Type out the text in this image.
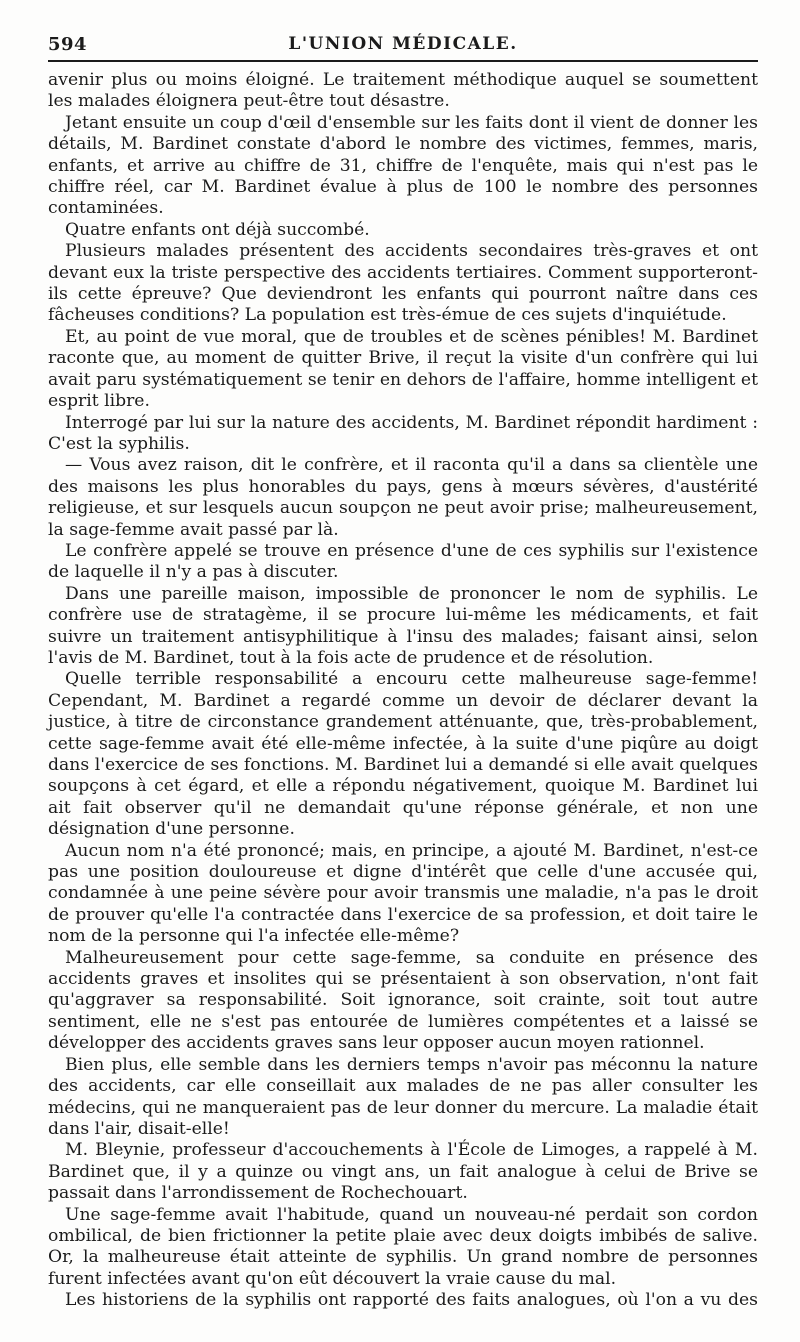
594	L'UNION MÉDICALE.

avenir plus ou moins éloigné. Le traitement méthodique auquel se soumettent les malades éloignera peut-être tout désastre.

Jetant ensuite un coup d'œil d'ensemble sur les faits dont il vient de donner les détails, M. Bardinet constate d'abord le nombre des victimes, femmes, maris, enfants, et arrive au chiffre de 31, chiffre de l'enquête, mais qui n'est pas le chiffre réel, car M. Bardinet évalue à plus de 100 le nombre des personnes contaminées.

Quatre enfants ont déjà succombé.

Plusieurs malades présentent des accidents secondaires très-graves et ont devant eux la triste perspective des accidents tertiaires. Comment supporteront-ils cette épreuve? Que deviendront les enfants qui pourront naître dans ces fâcheuses conditions? La population est très-émue de ces sujets d'inquiétude.

Et, au point de vue moral, que de troubles et de scènes pénibles! M. Bardinet raconte que, au moment de quitter Brive, il reçut la visite d'un confrère qui lui avait paru systématiquement se tenir en dehors de l'affaire, homme intelligent et esprit libre.

Interrogé par lui sur la nature des accidents, M. Bardinet répondit hardiment : C'est la syphilis.

— Vous avez raison, dit le confrère, et il raconta qu'il a dans sa clientèle une des maisons les plus honorables du pays, gens à mœurs sévères, d'austérité religieuse, et sur lesquels aucun soupçon ne peut avoir prise; malheureusement, la sage-femme avait passé par là.

Le confrère appelé se trouve en présence d'une de ces syphilis sur l'existence de laquelle il n'y a pas à discuter.

Dans une pareille maison, impossible de prononcer le nom de syphilis. Le confrère use de stratagème, il se procure lui-même les médicaments, et fait suivre un traitement antisyphilitique à l'insu des malades; faisant ainsi, selon l'avis de M. Bardinet, tout à la fois acte de prudence et de résolution.

Quelle terrible responsabilité a encouru cette malheureuse sage-femme! Cependant, M. Bardinet a regardé comme un devoir de déclarer devant la justice, à titre de circonstance grandement atténuante, que, très-probablement, cette sage-femme avait été elle-même infectée, à la suite d'une piqûre au doigt dans l'exercice de ses fonctions. M. Bardinet lui a demandé si elle avait quelques soupçons à cet égard, et elle a répondu négativement, quoique M. Bardinet lui ait fait observer qu'il ne demandait qu'une réponse générale, et non une désignation d'une personne.

Aucun nom n'a été prononcé; mais, en principe, a ajouté M. Bardinet, n'est-ce pas une position douloureuse et digne d'intérêt que celle d'une accusée qui, condamnée à une peine sévère pour avoir transmis une maladie, n'a pas le droit de prouver qu'elle l'a contractée dans l'exercice de sa profession, et doit taire le nom de la personne qui l'a infectée elle-même?

Malheureusement pour cette sage-femme, sa conduite en présence des accidents graves et insolites qui se présentaient à son observation, n'ont fait qu'aggraver sa responsabilité. Soit ignorance, soit crainte, soit tout autre sentiment, elle ne s'est pas entourée de lumières compétentes et a laissé se développer des accidents graves sans leur opposer aucun moyen rationnel.

Bien plus, elle semble dans les derniers temps n'avoir pas méconnu la nature des accidents, car elle conseillait aux malades de ne pas aller consulter les médecins, qui ne manqueraient pas de leur donner du mercure. La maladie était dans l'air, disait-elle!

M. Bleynie, professeur d'accouchements à l'École de Limoges, a rappelé à M. Bardinet que, il y a quinze ou vingt ans, un fait analogue à celui de Brive se passait dans l'arrondissement de Rochechouart.

Une sage-femme avait l'habitude, quand un nouveau-né perdait son cordon ombilical, de bien frictionner la petite plaie avec deux doigts imbibés de salive. Or, la malheureuse était atteinte de syphilis. Un grand nombre de personnes furent infectées avant qu'on eût découvert la vraie cause du mal.

Les historiens de la syphilis ont rapporté des faits analogues, où l'on a vu des
